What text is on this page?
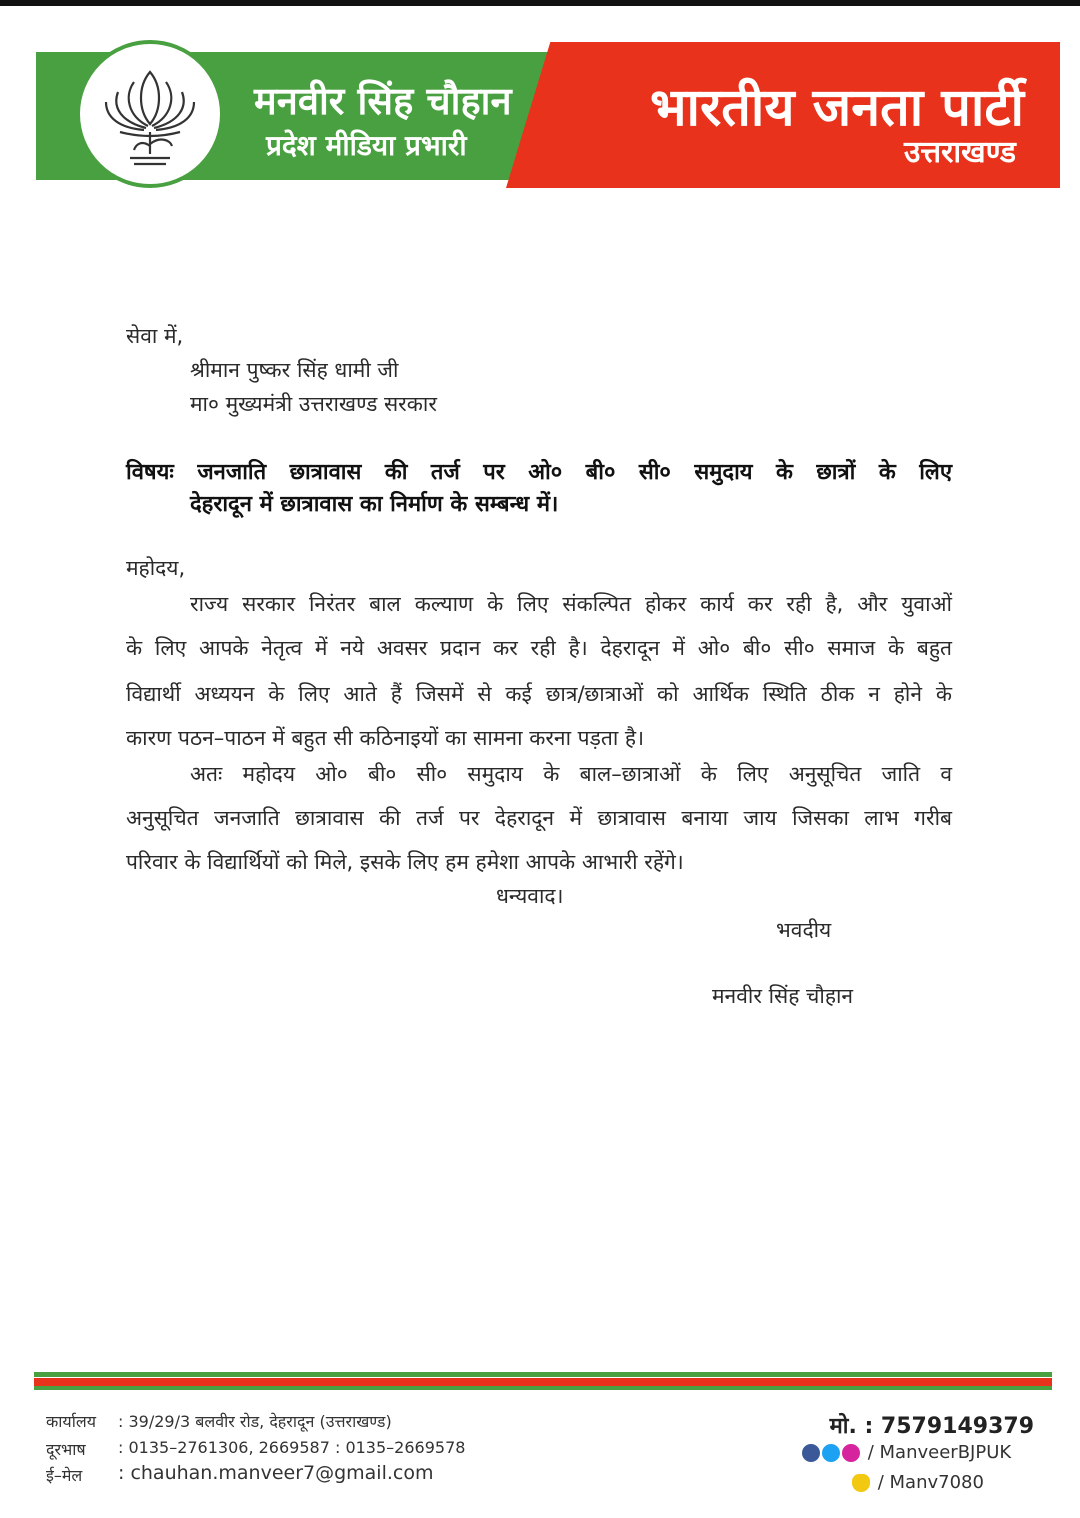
मनवीर सिंह चौहान
प्रदेश मीडिया प्रभारी
भारतीय जनता पार्टी
उत्तराखण्ड
सेवा में,
श्रीमान पुष्कर सिंह धामी जी
मा० मुख्यमंत्री उत्तराखण्ड सरकार
विषयः जनजाति छात्रावास की तर्ज पर ओ० बी० सी० समुदाय के छात्रों के लिए
देहरादून में छात्रावास का निर्माण के सम्बन्ध में।
महोदय,
राज्य सरकार निरंतर बाल कल्याण के लिए संकल्पित होकर कार्य कर रही है, और युवाओं
के लिए आपके नेतृत्व में नये अवसर प्रदान कर रही है। देहरादून में ओ० बी० सी० समाज के बहुत
विद्यार्थी अध्ययन के लिए आते हैं जिसमें से कई छात्र/छात्राओं को आर्थिक स्थिति ठीक न होने के
कारण पठन–पाठन में बहुत सी कठिनाइयों का सामना करना पड़ता है।
अतः महोदय ओ० बी० सी० समुदाय के बाल–छात्राओं के लिए अनुसूचित जाति व
अनुसूचित जनजाति छात्रावास की तर्ज पर देहरादून में छात्रावास बनाया जाय जिसका लाभ गरीब
परिवार के विद्यार्थियों को मिले, इसके लिए हम हमेशा आपके आभारी रहेंगे।
धन्यवाद।
भवदीय
मनवीर सिंह चौहान
कार्यालय : 39/29/3 बलवीर रोड, देहरादून (उत्तराखण्ड)
दूरभाष : 0135–2761306, 2669587 : 0135–2669578
ई–मेल : chauhan.manveer7@gmail.com
मो. : 7579149379
/ ManveerBJPUK
/ Manv7080
